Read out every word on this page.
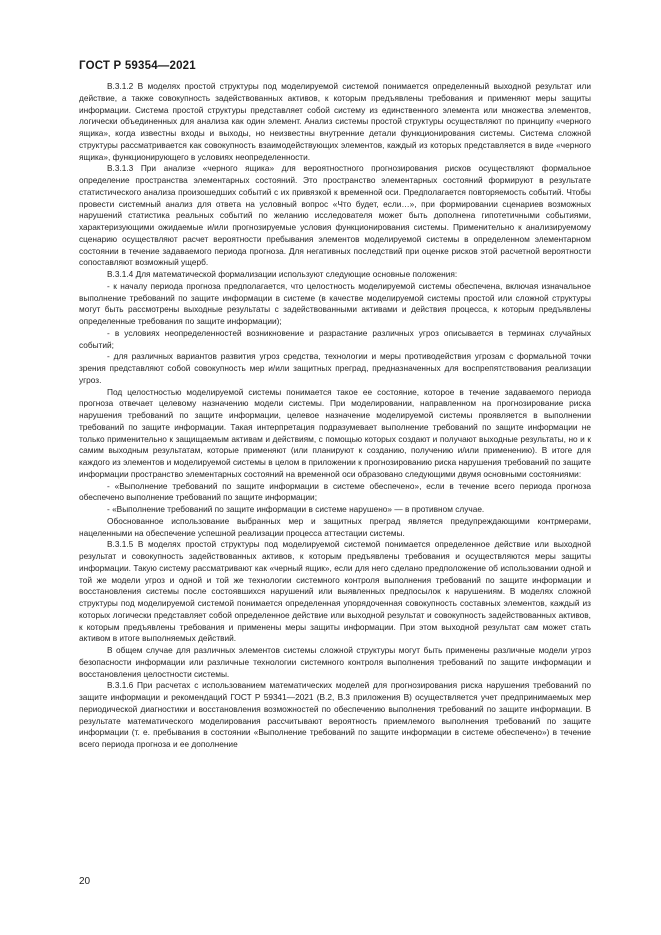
ГОСТ Р 59354—2021

В.3.1.2 В моделях простой структуры под моделируемой системой понимается определенный выходной результат или действие, а также совокупность задействованных активов, к которым предъявлены требования и применяют меры защиты информации. Система простой структуры представляет собой систему из единственного элемента или множества элементов, логически объединенных для анализа как один элемент. Анализ системы простой структуры осуществляют по принципу «черного ящика», когда известны входы и выходы, но неизвестны внутренние детали функционирования системы. Система сложной структуры рассматривается как совокупность взаимодействующих элементов, каждый из которых представляется в виде «черного ящика», функционирующего в условиях неопределенности.

В.3.1.3 При анализе «черного ящика» для вероятностного прогнозирования рисков осуществляют формальное определение пространства элементарных состояний. Это пространство элементарных состояний формируют в результате статистического анализа произошедших событий с их привязкой к временной оси. Предполагается повторяемость событий. Чтобы провести системный анализ для ответа на условный вопрос «Что будет, если…», при формировании сценариев возможных нарушений статистика реальных событий по желанию исследователя может быть дополнена гипотетичными событиями, характеризующими ожидаемые и/или прогнозируемые условия функционирования системы. Применительно к анализируемому сценарию осуществляют расчет вероятности пребывания элементов моделируемой системы в определенном элементарном состоянии в течение задаваемого периода прогноза. Для негативных последствий при оценке рисков этой расчетной вероятности сопоставляют возможный ущерб.

В.3.1.4 Для математической формализации используют следующие основные положения:

- к началу периода прогноза предполагается, что целостность моделируемой системы обеспечена, включая изначальное выполнение требований по защите информации в системе (в качестве моделируемой системы простой или сложной структуры могут быть рассмотрены выходные результаты с задействованными активами и действия процесса, к которым предъявлены определенные требования по защите информации);

- в условиях неопределенностей возникновение и разрастание различных угроз описывается в терминах случайных событий;

- для различных вариантов развития угроз средства, технологии и меры противодействия угрозам с формальной точки зрения представляют собой совокупность мер и/или защитных преград, предназначенных для воспрепятствования реализации угроз.

Под целостностью моделируемой системы понимается такое ее состояние, которое в течение задаваемого периода прогноза отвечает целевому назначению модели системы. При моделировании, направленном на прогнозирование риска нарушения требований по защите информации, целевое назначение моделируемой системы проявляется в выполнении требований по защите информации. Такая интерпретация подразумевает выполнение требований по защите информации не только применительно к защищаемым активам и действиям, с помощью которых создают и получают выходные результаты, но и к самим выходным результатам, которые применяют (или планируют к созданию, получению и/или применению). В итоге для каждого из элементов и моделируемой системы в целом в приложении к прогнозированию риска нарушения требований по защите информации пространство элементарных состояний на временной оси образовано следующими двумя основными состояниями:

- «Выполнение требований по защите информации в системе обеспечено», если в течение всего периода прогноза обеспечено выполнение требований по защите информации;

- «Выполнение требований по защите информации в системе нарушено» — в противном случае.

Обоснованное использование выбранных мер и защитных преград является предупреждающими контрмерами, нацеленными на обеспечение успешной реализации процесса аттестации системы.

В.3.1.5 В моделях простой структуры под моделируемой системой понимается определенное действие или выходной результат и совокупность задействованных активов, к которым предъявлены требования и осуществляются меры защиты информации. Такую систему рассматривают как «черный ящик», если для него сделано предположение об использовании одной и той же модели угроз и одной и той же технологии системного контроля выполнения требований по защите информации и восстановления системы после состоявшихся нарушений или выявленных предпосылок к нарушениям. В моделях сложной структуры под моделируемой системой понимается определенная упорядоченная совокупность составных элементов, каждый из которых логически представляет собой определенное действие или выходной результат и совокупность задействованных активов, к которым предъявлены требования и применены меры защиты информации. При этом выходной результат сам может стать активом в итоге выполняемых действий.

В общем случае для различных элементов системы сложной структуры могут быть применены различные модели угроз безопасности информации или различные технологии системного контроля выполнения требований по защите информации и восстановления целостности системы.

В.3.1.6 При расчетах с использованием математических моделей для прогнозирования риска нарушения требований по защите информации и рекомендаций ГОСТ Р 59341—2021 (В.2, В.3 приложения В) осуществляется учет предпринимаемых мер периодической диагностики и восстановления возможностей по обеспечению выполнения требований по защите информации. В результате математического моделирования рассчитывают вероятность приемлемого выполнения требований по защите информации (т. е. пребывания в состоянии «Выполнение требований по защите информации в системе обеспечено») в течение всего периода прогноза и ее дополнение

20
